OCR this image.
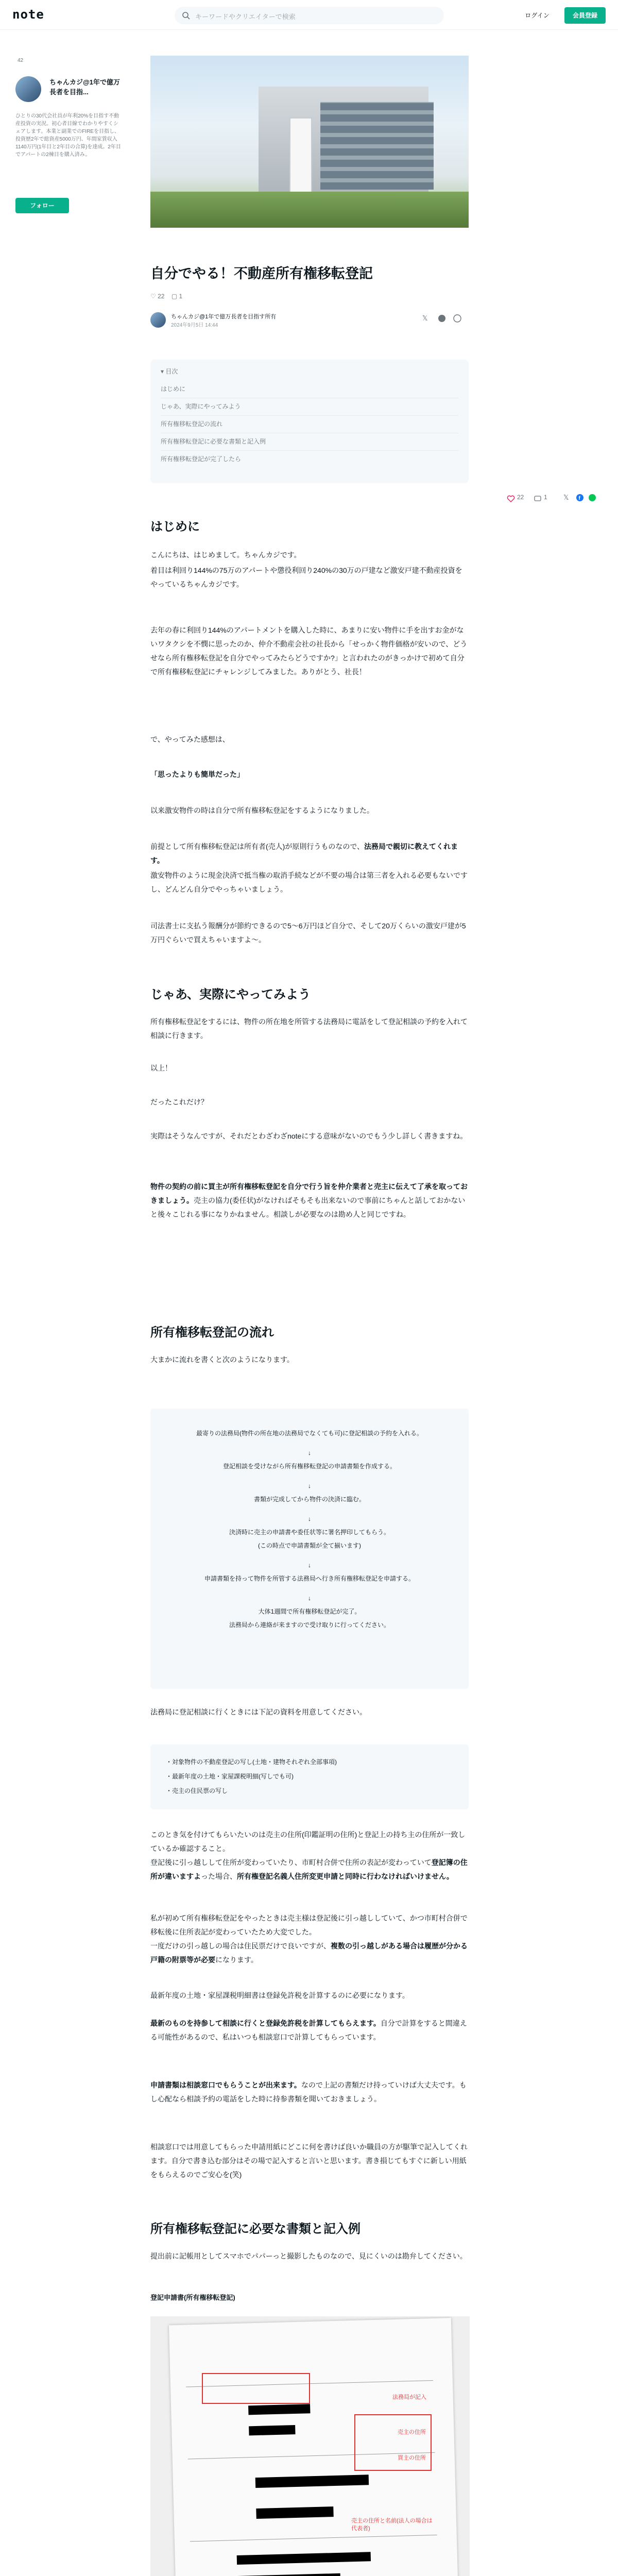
note	キーワードやクリエイターで検索	ログイン	会員登録
42
ちゃんカジ@1年で億万長者を目指...
ひとりの30代会社員が年利20%を目指す不動産投資の実況。初心者目線でわかりやすくシェアします。本業と副業でのFIREを目指し、投資歴2年で総資産5000万円、年間家賃収入1140万円(1年目と2年目の合算)を達成。2年目でアパートの2棟目を購入済み。
フォロー
22	1 𝕏 f
自分でやる！不動産所有権移転登記
♡ 22 ▢ 1
ちゃんカジ@1年で億万長者を目指す所有
2024年9月5日 14:44
𝕏
▾ 目次
はじめに
じゃあ、実際にやってみよう
所有権移転登記の流れ
所有権移転登記に必要な書類と記入例
所有権移転登記が完了したら
はじめに
こんにちは、はじめまして。ちゃんカジです。
着目は利回り144%の75万のアパートや懲役利回り240%の30万の戸建など激安戸建不動産投資をやっているちゃんカジです。
去年の春に利回り144%のアパートメントを購入した時に、あまりに安い物件に手を出すお金がないワタクシを不憫に思ったのか、仲介不動産会社の社長から「せっかく物件価格が安いので、どうせなら所有権移転登記を自分でやってみたらどうですか?」と言われたのがきっかけで初めて自分で所有権移転登記にチャレンジしてみました。ありがとう、社長！
で、やってみた感想は、
「思ったよりも簡単だった」
以来激安物件の時は自分で所有権移転登記をするようになりました。
前提として所有権移転登記は所有者(売人)が原則行うものなので、法務局で親切に教えてくれます。
激安物件のように現金決済で抵当権の取消手続などが不要の場合は第三者を入れる必要もないですし、どんどん自分でやっちゃいましょう。
司法書士に支払う報酬分が節約できるので5～6万円ほど自分で、そして20万くらいの激安戸建が5万円ぐらいで買えちゃいますよ〜。
じゃあ、実際にやってみよう
所有権移転登記をするには、物件の所在地を所管する法務局に電話をして登記相談の予約を入れて相談に行きます。
以上！
だったこれだけ？
実際はそうなんですが、それだとわざわざnoteにする意味がないのでもう少し詳しく書きますね。
物件の契約の前に買主が所有権移転登記を自分で行う旨を仲介業者と売主に伝えて了承を取っておきましょう。売主の協力(委任状)がなければそもそも出来ないので事前にちゃんと話しておかないと後々こじれる事になりかねません。相談しが必要なのは勘め人と同じですね。
所有権移転登記の流れ
大まかに流れを書くと次のようになります。
最寄りの法務局(物件の所在地の法務局でなくても可)に登記相談の予約を入れる。
↓
登記相談を受けながら所有権移転登記の申請書類を作成する。
↓
書類が完成してから物件の決済に臨む。
↓
決済時に売主の申請書や委任状等に署名押印してもらう。
(この時点で申請書類が全て揃います)
↓
申請書類を持って物件を所管する法務局へ行き所有権移転登記を申請する。
↓
大体1週間で所有権移転登記が完了。
法務局から連絡が来ますので受け取りに行ってください。
法務局に登記相談に行くときには下記の資料を用意してください。
・対象物件の不動産登記の写し(土地・建物それぞれ全部事項)
・最新年度の土地・家屋課税明細(写しでも可)
・売主の住民票の写し
このとき気を付けてもらいたいのは売主の住所(印鑑証明の住所)と登記上の持ち主の住所が一致しているか確認すること。
登記後に引っ越しして住所が変わっていたり、市町村合併で住所の表記が変わっていて登記簿の住所が違いますよった場合、所有権登記名義人住所変更申請と同時に行わなければいけません。
私が初めて所有権移転登記をやったときは売主様は登記後に引っ越ししていて、かつ市町村合併で移転後に住所表記が変わっていたため大変でした。
一度だけの引っ越しの場合は住民票だけで良いですが、複数の引っ越しがある場合は履歴が分かる戸籍の附票等が必要になります。
最新年度の土地・家屋課税明細書は登録免許税を計算するのに必要になります。
最新のものを持参して相談に行くと登録免許税を計算してもらえます。自分で計算をすると間違える可能性があるので、私はいつも相談窓口で計算してもらっています。
申請書類は相談窓口でもらうことが出来ます。なので上記の書類だけ持っていけば大丈夫です。もし心配なら相談予約の電話をした時に持参書類を聞いておきましょう。
相談窓口では用意してもらった申請用紙にどこに何を書けば良いか職員の方が駆筆で記入してくれます。自分で書き込む部分はその場で記入すると言いと思います。書き損じてもすぐに新しい用紙をもらえるのでご安心を(笑)
所有権移転登記に必要な書類と記入例
提出前に記帳用としてスマホでパパーっと撮影したものなので、見にくいのは勘弁してください。
登記申請書(所有権移転登記)
法務局が記入
売主の住所
買主の住所
売主の住所と名前(法人の場合は代表者)
